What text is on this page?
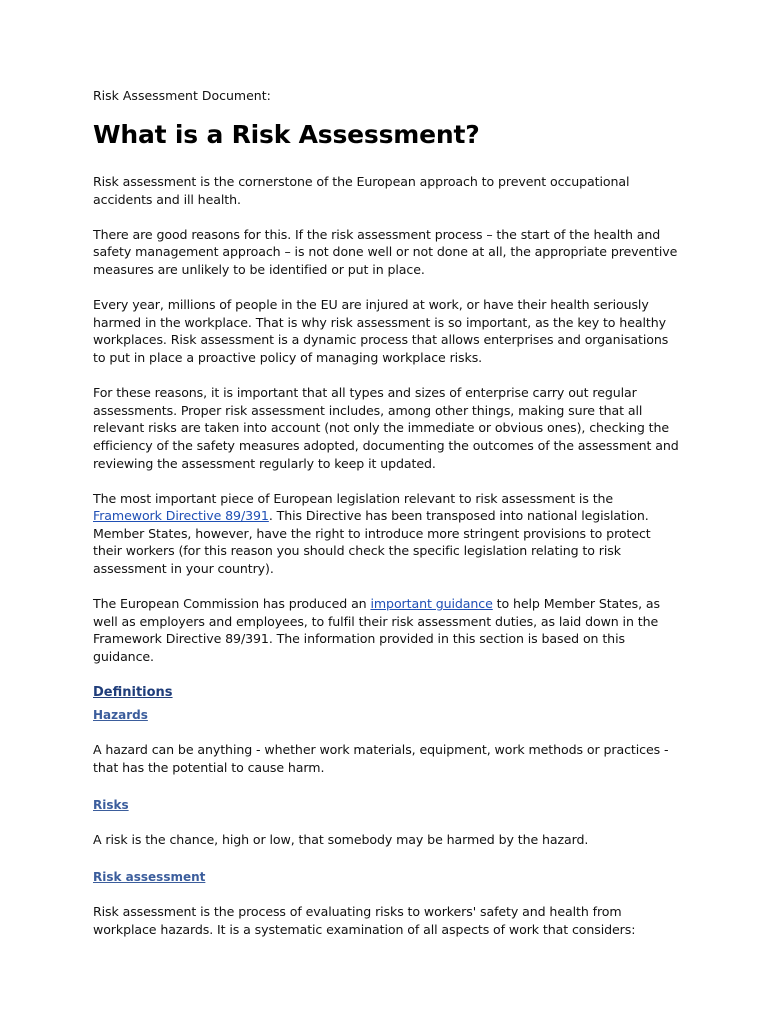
Risk Assessment Document:
What is a Risk Assessment?

Risk assessment is the cornerstone of the European approach to prevent occupational accidents and ill health.

There are good reasons for this. If the risk assessment process – the start of the health and safety management approach – is not done well or not done at all, the appropriate preventive measures are unlikely to be identified or put in place.

Every year, millions of people in the EU are injured at work, or have their health seriously harmed in the workplace. That is why risk assessment is so important, as the key to healthy workplaces. Risk assessment is a dynamic process that allows enterprises and organisations to put in place a proactive policy of managing workplace risks.

For these reasons, it is important that all types and sizes of enterprise carry out regular assessments. Proper risk assessment includes, among other things, making sure that all relevant risks are taken into account (not only the immediate or obvious ones), checking the efficiency of the safety measures adopted, documenting the outcomes of the assessment and reviewing the assessment regularly to keep it updated.

The most important piece of European legislation relevant to risk assessment is the Framework Directive 89/391. This Directive has been transposed into national legislation. Member States, however, have the right to introduce more stringent provisions to protect their workers (for this reason you should check the specific legislation relating to risk assessment in your country).

The European Commission has produced an important guidance to help Member States, as well as employers and employees, to fulfil their risk assessment duties, as laid down in the Framework Directive 89/391. The information provided in this section is based on this guidance.

Definitions
Hazards

A hazard can be anything - whether work materials, equipment, work methods or practices - that has the potential to cause harm.

Risks

A risk is the chance, high or low, that somebody may be harmed by the hazard.

Risk assessment

Risk assessment is the process of evaluating risks to workers' safety and health from workplace hazards. It is a systematic examination of all aspects of work that considers:
